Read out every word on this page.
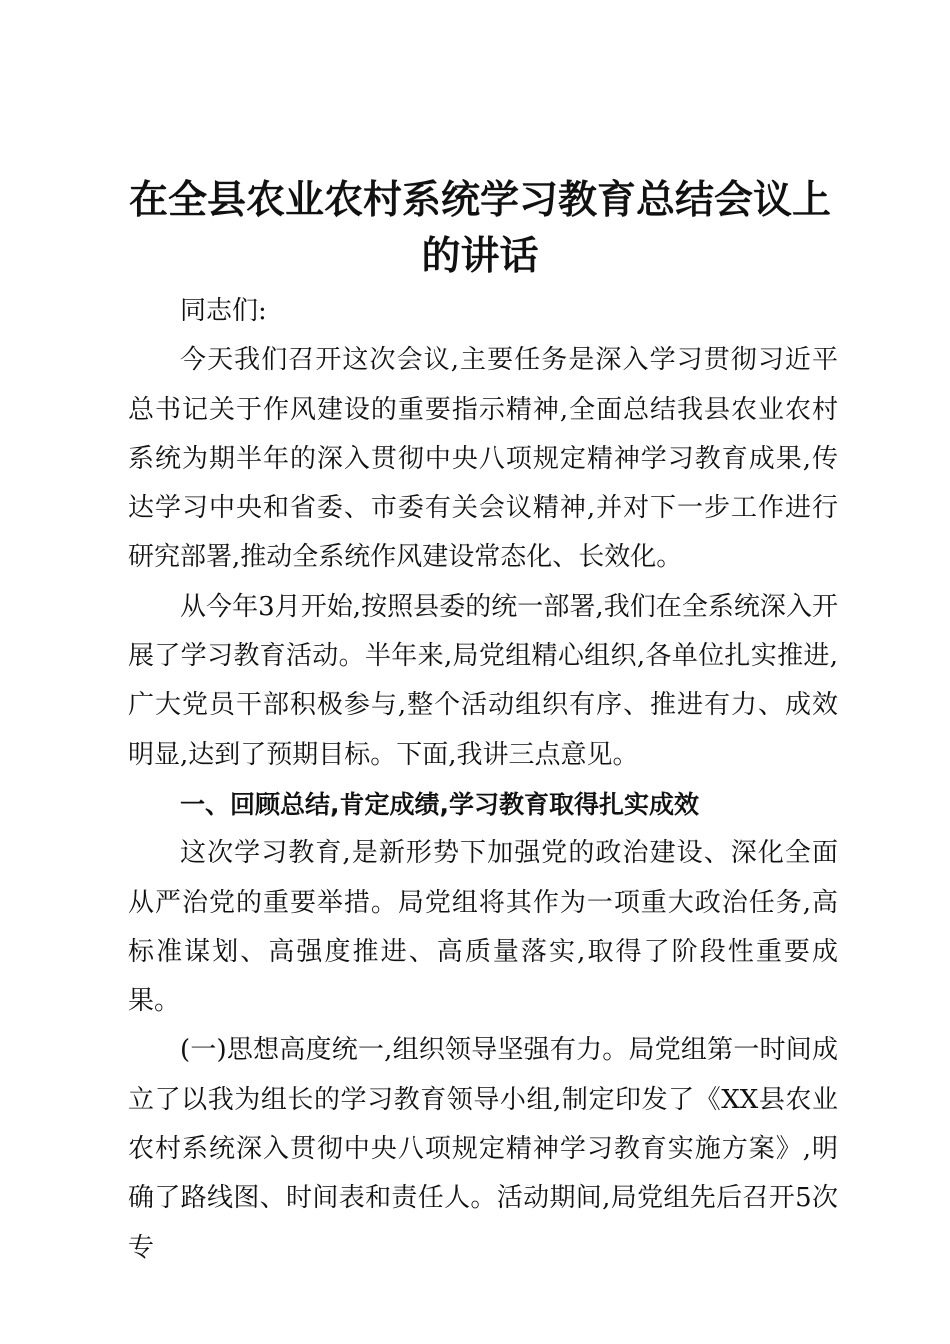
在全县农业农村系统学习教育总结会议上的讲话

同志们:

今天我们召开这次会议,主要任务是深入学习贯彻习近平总书记关于作风建设的重要指示精神,全面总结我县农业农村系统为期半年的深入贯彻中央八项规定精神学习教育成果,传达学习中央和省委、市委有关会议精神,并对下一步工作进行研究部署,推动全系统作风建设常态化、长效化。

从今年3月开始,按照县委的统一部署,我们在全系统深入开展了学习教育活动。半年来,局党组精心组织,各单位扎实推进,广大党员干部积极参与,整个活动组织有序、推进有力、成效明显,达到了预期目标。下面,我讲三点意见。

一、回顾总结,肯定成绩,学习教育取得扎实成效

这次学习教育,是新形势下加强党的政治建设、深化全面从严治党的重要举措。局党组将其作为一项重大政治任务,高标准谋划、高强度推进、高质量落实,取得了阶段性重要成果。

(一)思想高度统一,组织领导坚强有力。局党组第一时间成立了以我为组长的学习教育领导小组,制定印发了《XX县农业农村系统深入贯彻中央八项规定精神学习教育实施方案》,明确了路线图、时间表和责任人。活动期间,局党组先后召开5次专
